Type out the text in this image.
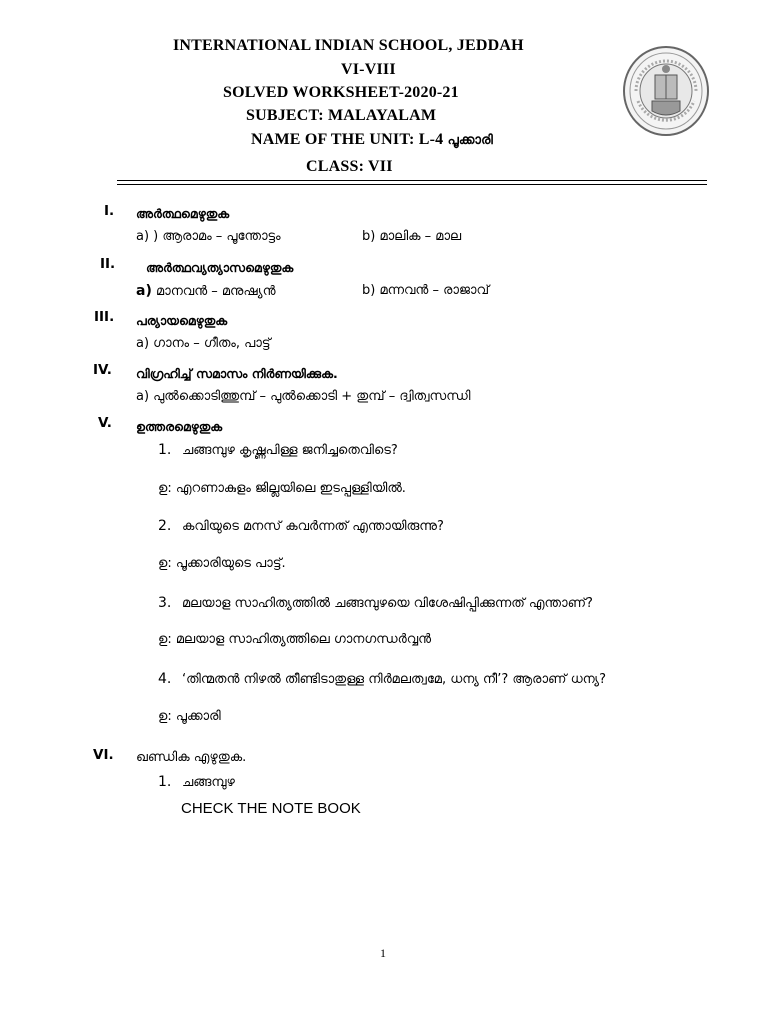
INTERNATIONAL INDIAN SCHOOL, JEDDAH
VI-VIII
SOLVED WORKSHEET-2020-21
SUBJECT: MALAYALAM
NAME OF THE UNIT: L-4 പൂക്കാരി
CLASS: VII
I.	അർത്ഥമെഴുതുക
a) ) ആരാമം – പൂന്തോട്ടം	b) മാലിക – മാല
II.	അർത്ഥവ്യത്യാസമെഴുതുക
a) മാനവൻ – മനുഷ്യൻ	b) മന്നവൻ – രാജാവ്
III.	പര്യായമെഴുതുക
a) ഗാനം – ഗീതം, പാട്ട്
IV.	വിഗ്രഹിച്ച് സമാസം നിർണയിക്കുക.
a) പുൽക്കൊടിത്തുമ്പ് – പുൽക്കൊടി + തുമ്പ് – ദ്വിത്വസന്ധി
V.	ഉത്തരമെഴുതുക
1. ചങ്ങമ്പുഴ കൃഷ്ണപിള്ള ജനിച്ചതെവിടെ?
ഉ: എറണാകുളം ജില്ലയിലെ ഇടപ്പള്ളിയിൽ.
2. കവിയുടെ മനസ് കവർന്നത് എന്തായിരുന്നു?
ഉ: പൂക്കാരിയുടെ പാട്ട്.
3. മലയാള സാഹിത്യത്തിൽ ചങ്ങമ്പുഴയെ വിശേഷിപ്പിക്കുന്നത് എന്താണ്?
ഉ: മലയാള സാഹിത്യത്തിലെ ഗാനഗന്ധർവ്വൻ
4. ‘തിന്മതൻ നിഴൽ തീണ്ടിടാതുള്ള നിർമലത്വമേ, ധന്യ നീ’? ആരാണ് ധന്യ?
ഉ: പൂക്കാരി
VI.	ഖണ്ഡിക എഴുതുക.
1. ചങ്ങമ്പുഴ
CHECK THE NOTE BOOK
1
